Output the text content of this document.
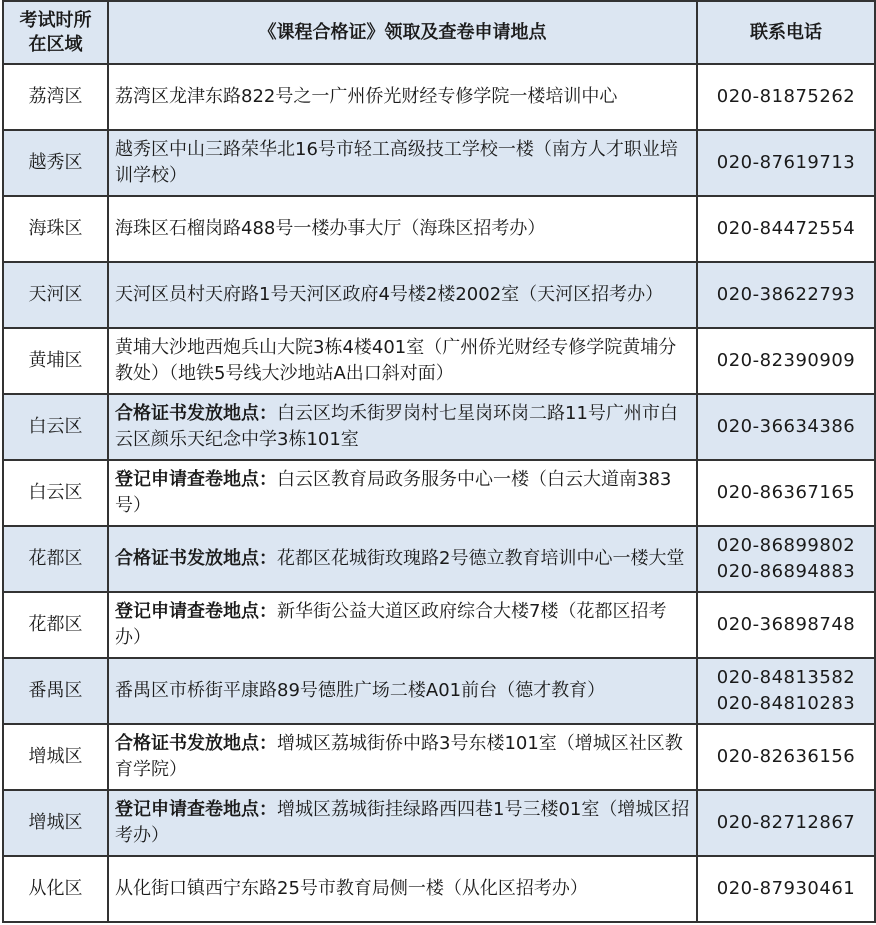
考试时所在区域	《课程合格证》领取及查卷申请地点	联系电话
荔湾区	荔湾区龙津东路822号之一广州侨光财经专修学院一楼培训中心	020-81875262

越秀区	越秀区中山三路荣华北16号市轻工高级技工学校一楼（南方人才职业培训学校）	020-87619713

海珠区	海珠区石榴岗路488号一楼办事大厅（海珠区招考办）	020-84472554

天河区	天河区员村天府路1号天河区政府4号楼2楼2002室（天河区招考办）	020-38622793

黄埔区	黄埔大沙地西炮兵山大院3栋4楼401室（广州侨光财经专修学院黄埔分教处）（地铁5号线大沙地站A出口斜对面）	020-82390909

白云区	合格证书发放地点：白云区均禾街罗岗村七星岗环岗二路11号广州市白云区颜乐天纪念中学3栋101室	020-36634386

白云区	登记申请查卷地点：白云区教育局政务服务中心一楼（白云大道南383号）	020-86367165

花都区	合格证书发放地点：花都区花城街玫瑰路2号德立教育培训中心一楼大堂	020-86899802
020-86894883

花都区	登记申请查卷地点：新华街公益大道区政府综合大楼7楼（花都区招考办）	020-36898748

番禺区	番禺区市桥街平康路89号德胜广场二楼A01前台（德才教育）	020-84813582
020-84810283

增城区	合格证书发放地点：增城区荔城街侨中路3号东楼101室（增城区社区教育学院）	020-82636156

增城区	登记申请查卷地点：增城区荔城街挂绿路西四巷1号三楼01室（增城区招考办）	020-82712867

从化区	从化街口镇西宁东路25号市教育局侧一楼（从化区招考办）	020-87930461
